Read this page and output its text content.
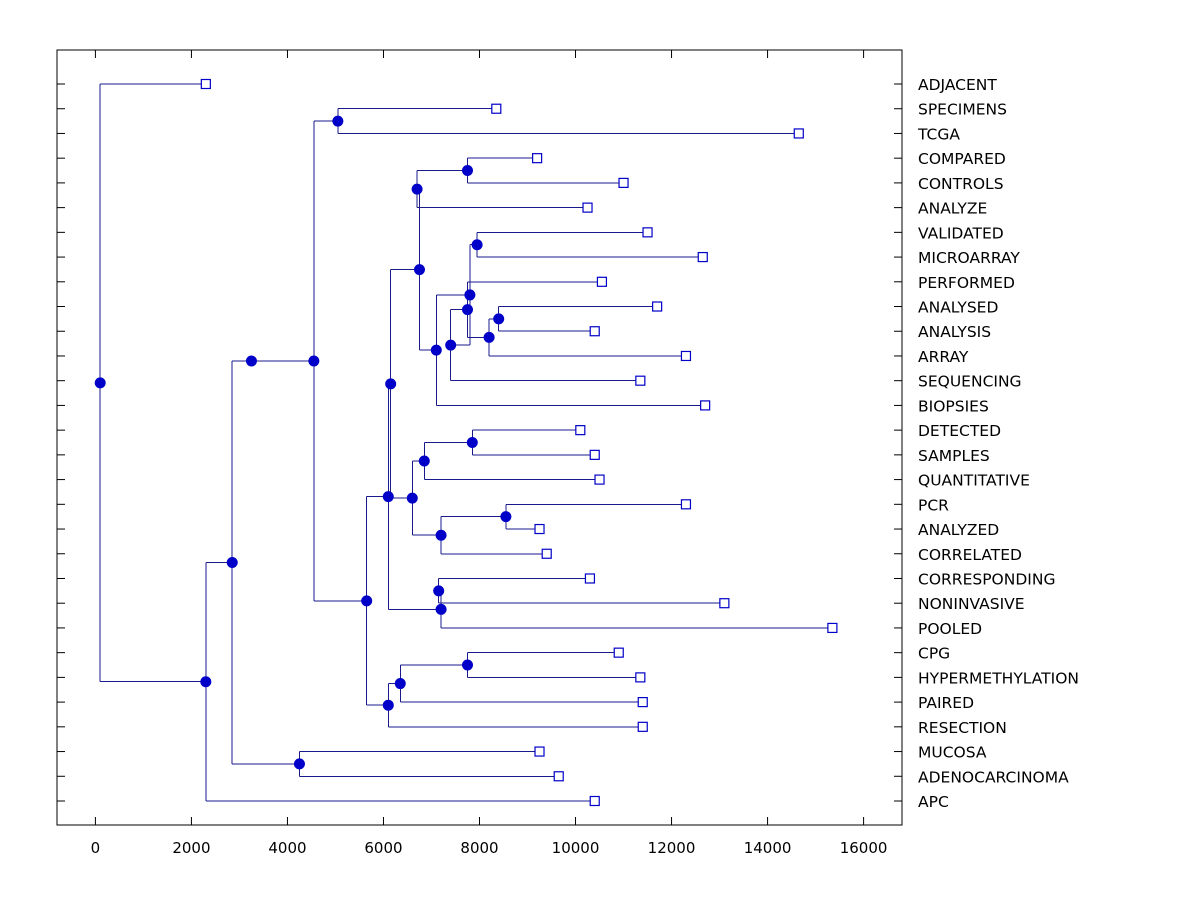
0	2000	4000	6000	8000	10000	12000	14000	16000
ADJACENT
SPECIMENS
TCGA
COMPARED
CONTROLS
ANALYZE
VALIDATED
MICROARRAY
PERFORMED
ANALYSED
ANALYSIS
ARRAY
SEQUENCING
BIOPSIES
DETECTED
SAMPLES
QUANTITATIVE
PCR
ANALYZED
CORRELATED
CORRESPONDING
NONINVASIVE
POOLED
CPG
HYPERMETHYLATION
PAIRED
RESECTION
MUCOSA
ADENOCARCINOMA
APC
